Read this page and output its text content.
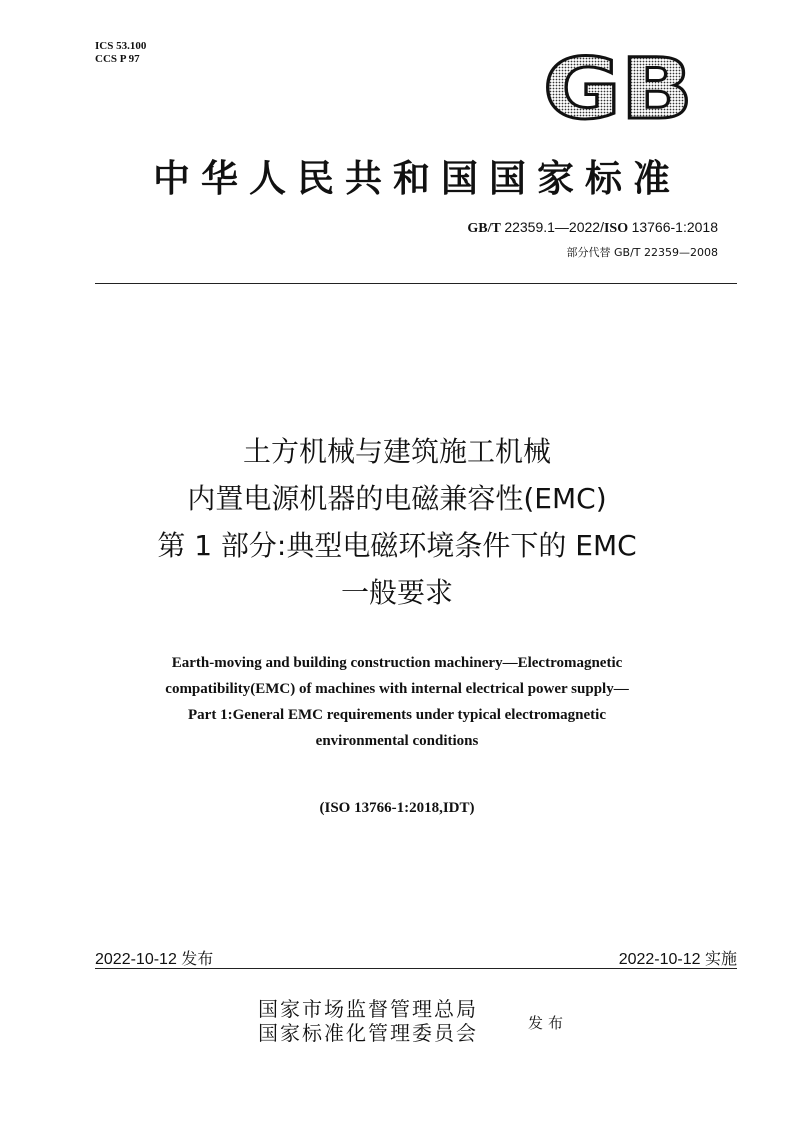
ICS 53.100
CCS P 97	GB
中华人民共和国国家标准
GB/T 22359.1—2022/ISO 13766-1:2018
部分代替 GB/T 22359—2008
土方机械与建筑施工机械
内置电源机器的电磁兼容性(EMC)
第 1 部分:典型电磁环境条件下的 EMC
一般要求
Earth-moving and building construction machinery—Electromagnetic
compatibility(EMC) of machines with internal electrical power supply—
Part 1:General EMC requirements under typical electromagnetic
environmental conditions
(ISO 13766-1:2018,IDT)
2022-10-12 发布	2022-10-12 实施
国家市场监督管理总局
国家标准化管理委员会	发布
